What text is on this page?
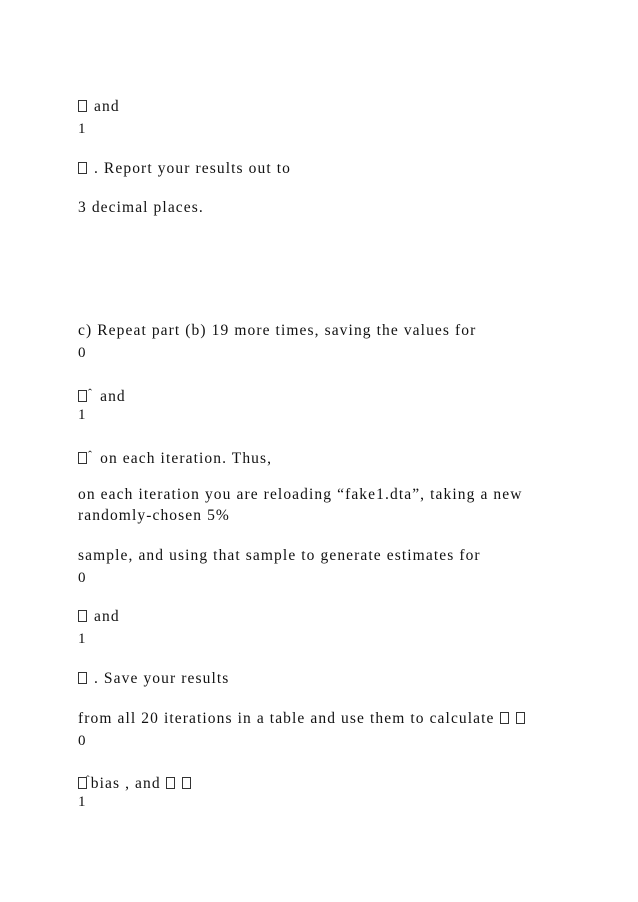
and
1
. Report your results out to
3 decimal places.
c) Repeat part (b) 19 more times, saving the values for
0
ˆ and
1
ˆ on each iteration. Thus,
on each iteration you are reloading “fake1.dta”, taking a new
randomly-chosen 5%
sample, and using that sample to generate estimates for
0
and
1
. Save your results
from all 20 iterations in a table and use them to calculate
0
ˆbias , and
1
